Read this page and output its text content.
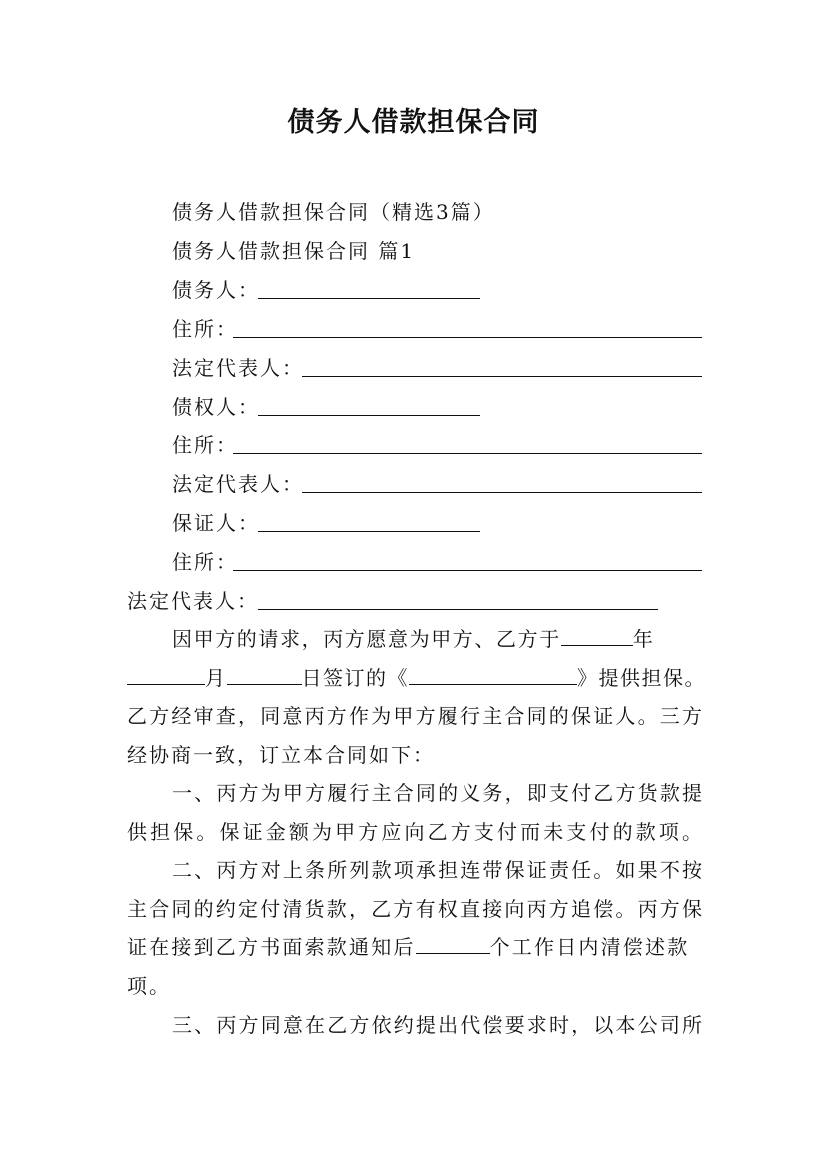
债务人借款担保合同
债务人借款担保合同（精选3篇）
债务人借款担保合同 篇1
债务人：
住所：
法定代表人：
债权人：
住所：
法定代表人：
保证人：
住所：
法定代表人：
因甲方的请求，丙方愿意为甲方、乙方于	年
月	日签订的《	》提供担保。
乙方经审查，同意丙方作为甲方履行主合同的保证人。三方
经协商一致，订立本合同如下：
一、丙方为甲方履行主合同的义务，即支付乙方货款提
供担保。保证金额为甲方应向乙方支付而未支付的款项。
二、丙方对上条所列款项承担连带保证责任。如果不按
主合同的约定付清货款，乙方有权直接向丙方追偿。丙方保
证在接到乙方书面索款通知后	个工作日内清偿述款
项。
三、丙方同意在乙方依约提出代偿要求时，以本公司所
